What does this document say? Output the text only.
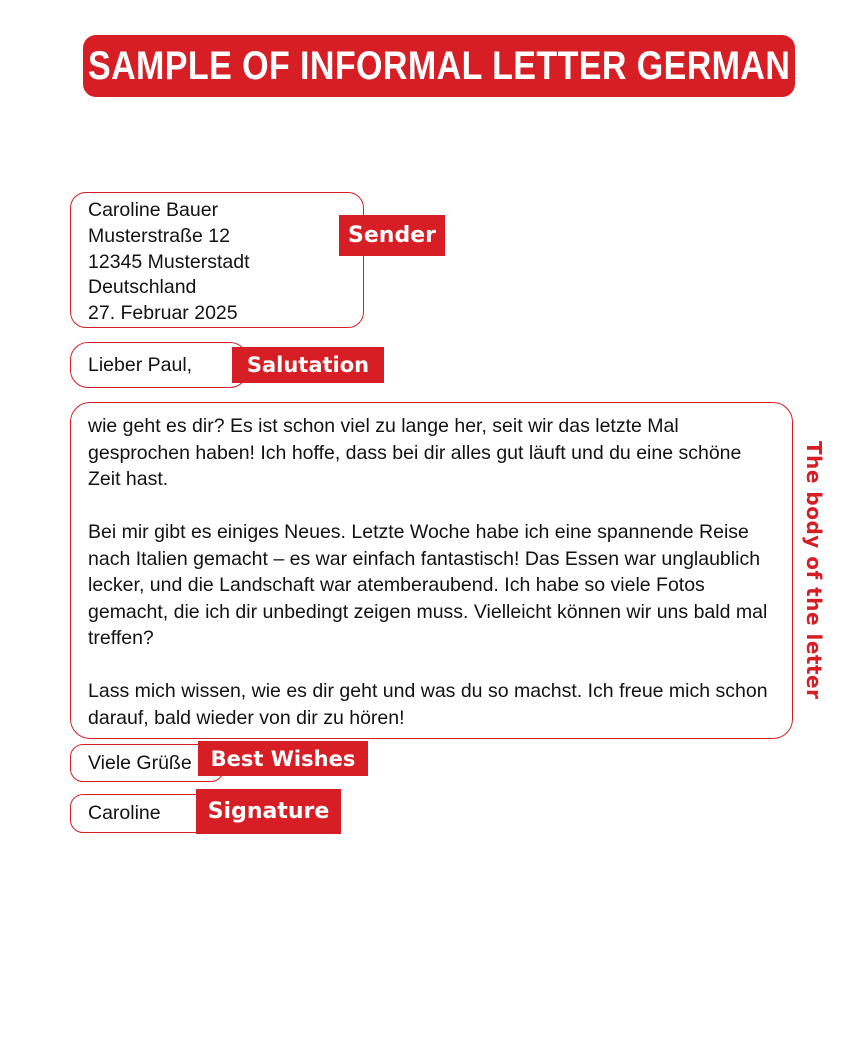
SAMPLE OF INFORMAL LETTER GERMAN
Caroline Bauer
Musterstraße 12
12345 Musterstadt
Deutschland
27. Februar 2025
Sender
Lieber Paul,	Salutation

wie geht es dir? Es ist schon viel zu lange her, seit wir das letzte Mal gesprochen haben! Ich hoffe, dass bei dir alles gut läuft und du eine schöne Zeit hast.

Bei mir gibt es einiges Neues. Letzte Woche habe ich eine spannende Reise nach Italien gemacht – es war einfach fantastisch! Das Essen war unglaublich lecker, und die Landschaft war atemberaubend. Ich habe so viele Fotos gemacht, die ich dir unbedingt zeigen muss. Vielleicht können wir uns bald mal treffen?

Lass mich wissen, wie es dir geht und was du so machst. Ich freue mich schon darauf, bald wieder von dir zu hören!

The body of the letter
Viele Grüße Best Wishes
Caroline	Signature
